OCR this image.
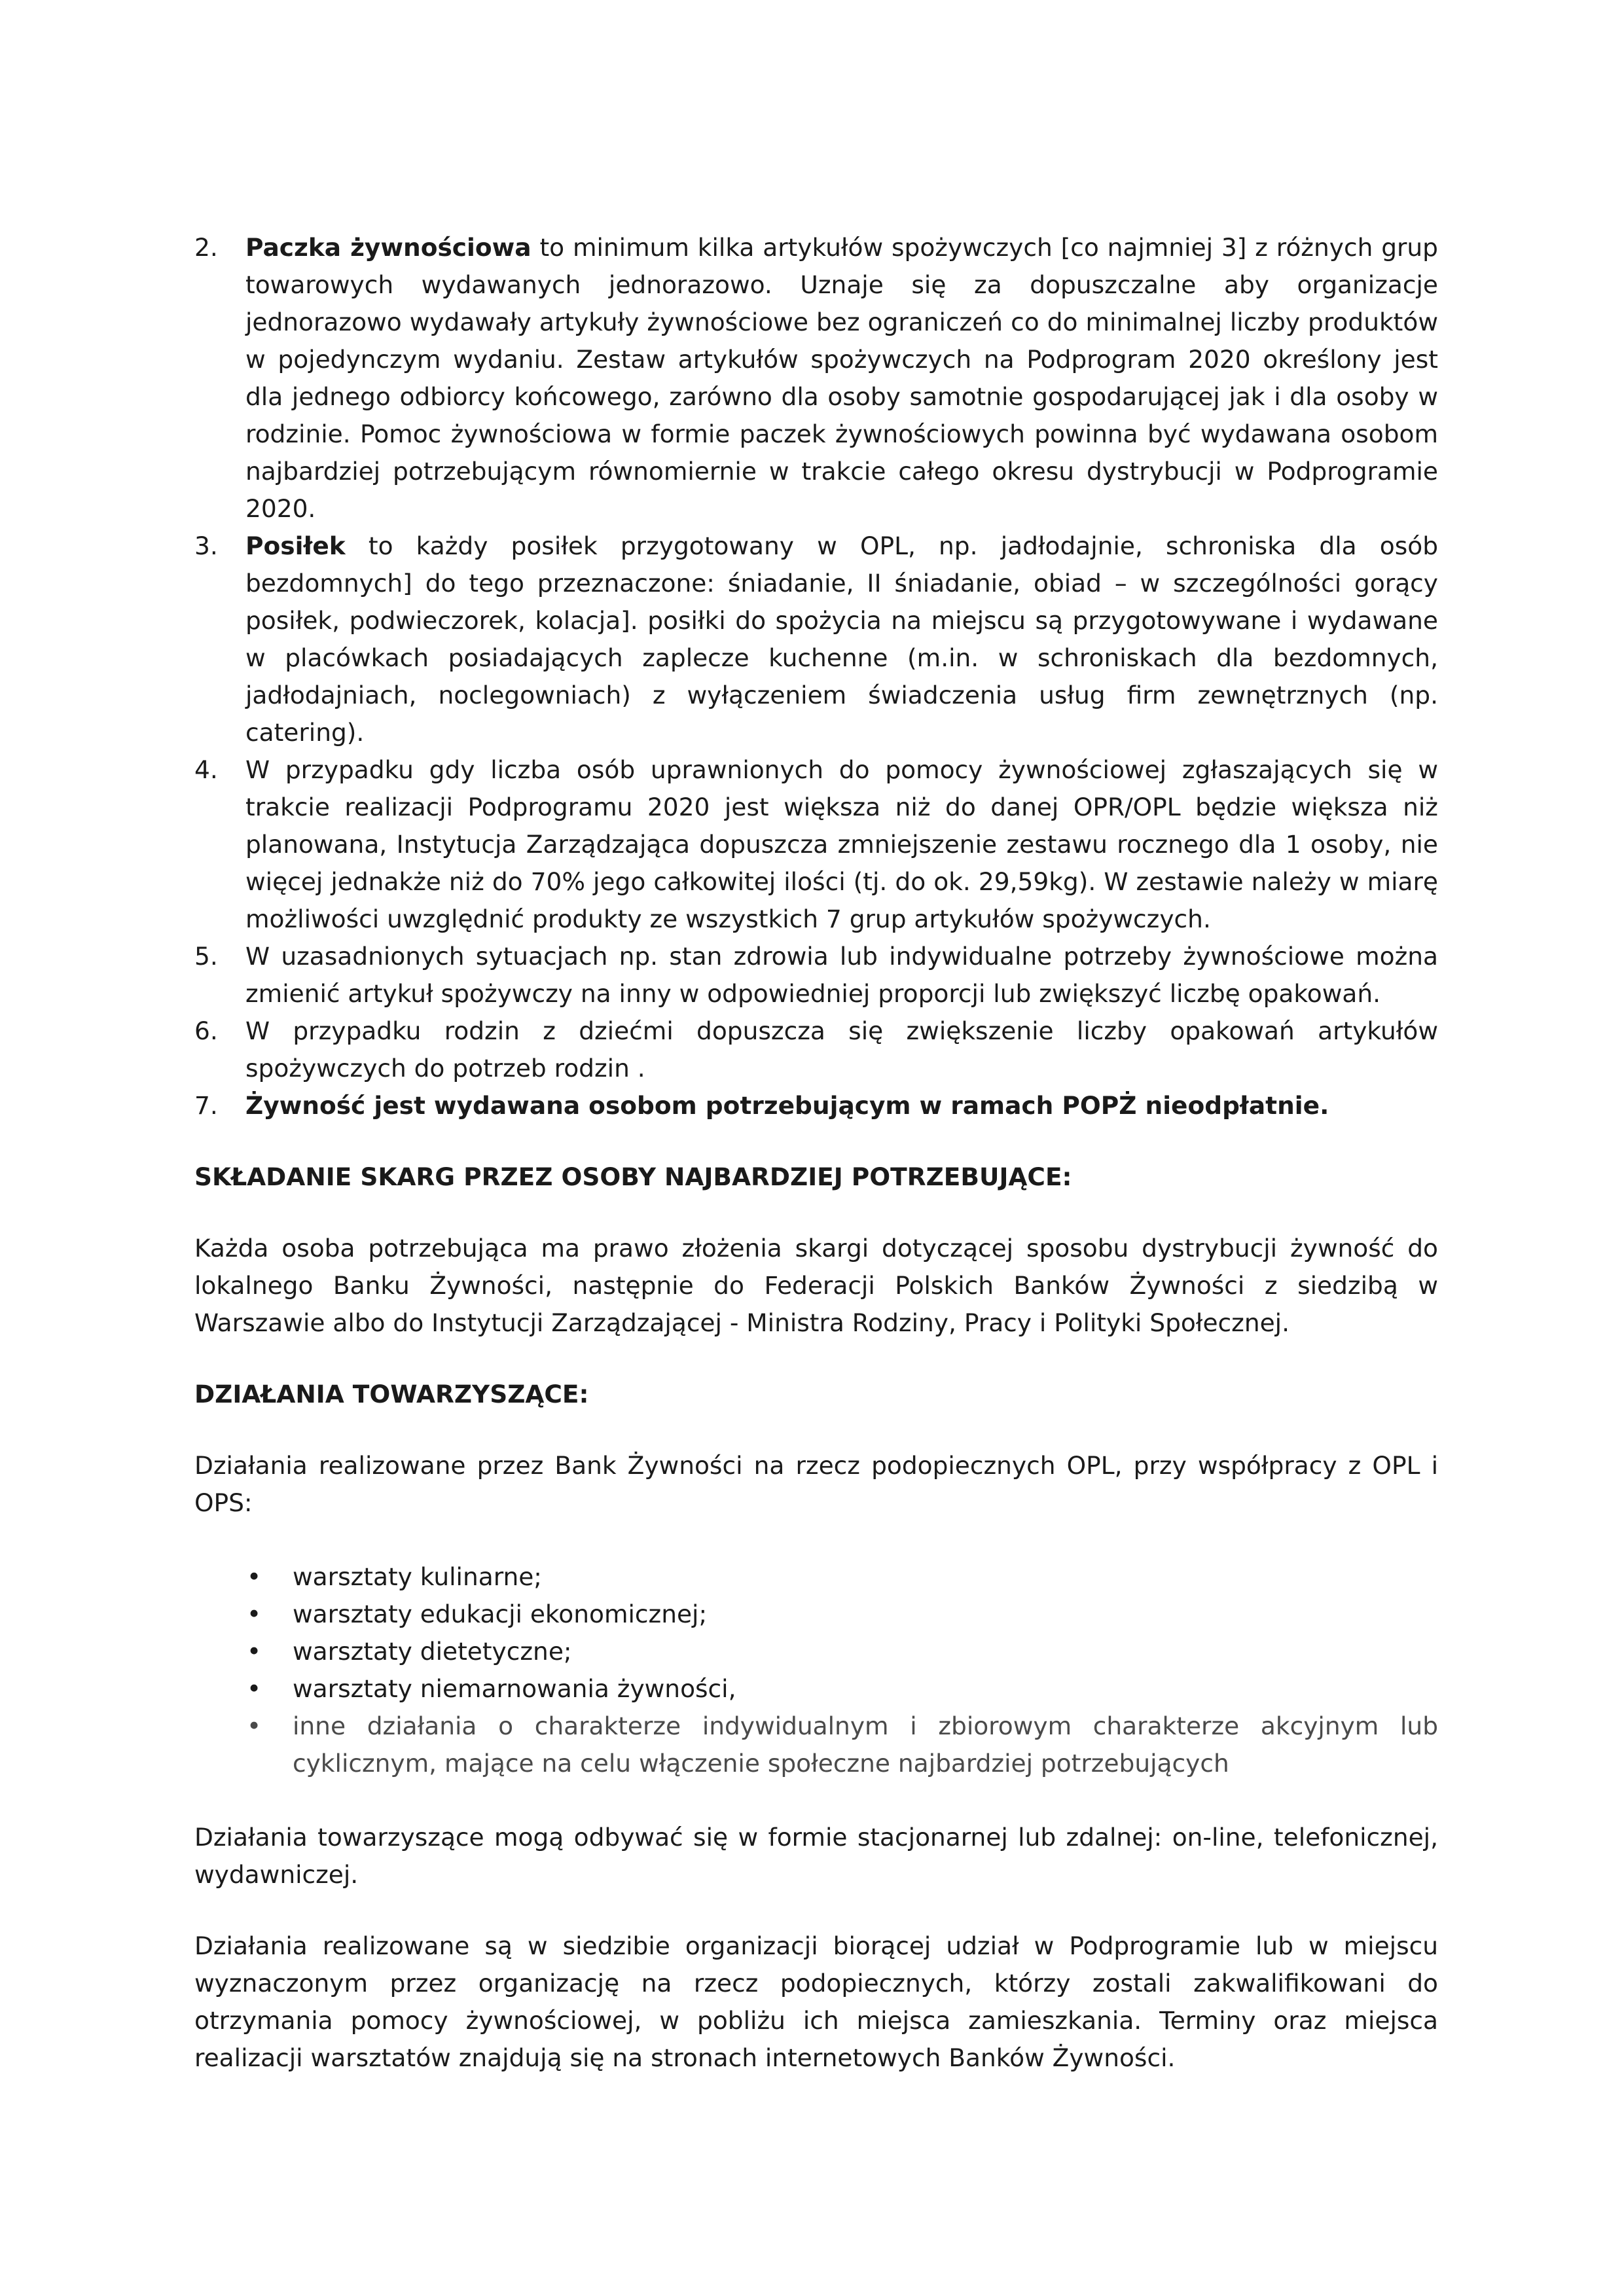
2. Paczka żywnościowa to minimum kilka artykułów spożywczych [co najmniej 3] z różnych grup towarowych wydawanych jednorazowo. Uznaje się za dopuszczalne aby organizacje jednorazowo wydawały artykuły żywnościowe bez ograniczeń co do minimalnej liczby produktów w pojedynczym wydaniu. Zestaw artykułów spożywczych na Podprogram 2020 określony jest dla jednego odbiorcy końcowego, zarówno dla osoby samotnie gospodarującej jak i dla osoby w rodzinie. Pomoc żywnościowa w formie paczek żywnościowych powinna być wydawana osobom najbardziej potrzebującym równomiernie w trakcie całego okresu dystrybucji w Podprogramie 2020.
3. Posiłek to każdy posiłek przygotowany w OPL, np. jadłodajnie, schroniska dla osób bezdomnych] do tego przeznaczone: śniadanie, II śniadanie, obiad – w szczególności gorący posiłek, podwieczorek, kolacja]. posiłki do spożycia na miejscu są przygotowywane i wydawane w placówkach posiadających zaplecze kuchenne (m.in. w schroniskach dla bezdomnych, jadłodajniach, noclegowniach) z wyłączeniem świadczenia usług firm zewnętrznych (np. catering).
4. W przypadku gdy liczba osób uprawnionych do pomocy żywnościowej zgłaszających się w trakcie realizacji Podprogramu 2020 jest większa niż do danej OPR/OPL będzie większa niż planowana, Instytucja Zarządzająca dopuszcza zmniejszenie zestawu rocznego dla 1 osoby, nie więcej jednakże niż do 70% jego całkowitej ilości (tj. do ok. 29,59kg). W zestawie należy w miarę możliwości uwzględnić produkty ze wszystkich 7 grup artykułów spożywczych.
5. W uzasadnionych sytuacjach np. stan zdrowia lub indywidualne potrzeby żywnościowe można zmienić artykuł spożywczy na inny w odpowiedniej proporcji lub zwiększyć liczbę opakowań.
6. W przypadku rodzin z dziećmi dopuszcza się zwiększenie liczby opakowań artykułów spożywczych do potrzeb rodzin .
7. Żywność jest wydawana osobom potrzebującym w ramach POPŻ nieodpłatnie.

SKŁADANIE SKARG PRZEZ OSOBY NAJBARDZIEJ POTRZEBUJĄCE:

Każda osoba potrzebująca ma prawo złożenia skargi dotyczącej sposobu dystrybucji żywność do lokalnego Banku Żywności, następnie do Federacji Polskich Banków Żywności z siedzibą w Warszawie albo do Instytucji Zarządzającej - Ministra Rodziny, Pracy i Polityki Społecznej.

DZIAŁANIA TOWARZYSZĄCE:

Działania realizowane przez Bank Żywności na rzecz podopiecznych OPL, przy współpracy z OPL i OPS:

• warsztaty kulinarne;
• warsztaty edukacji ekonomicznej;
• warsztaty dietetyczne;
• warsztaty niemarnowania żywności,
• inne działania o charakterze indywidualnym i zbiorowym charakterze akcyjnym lub cyklicznym, mające na celu włączenie społeczne najbardziej potrzebujących

Działania towarzyszące mogą odbywać się w formie stacjonarnej lub zdalnej: on-line, telefonicznej, wydawniczej.

Działania realizowane są w siedzibie organizacji biorącej udział w Podprogramie lub w miejscu wyznaczonym przez organizację na rzecz podopiecznych, którzy zostali zakwalifikowani do otrzymania pomocy żywnościowej, w pobliżu ich miejsca zamieszkania. Terminy oraz miejsca realizacji warsztatów znajdują się na stronach internetowych Banków Żywności.
